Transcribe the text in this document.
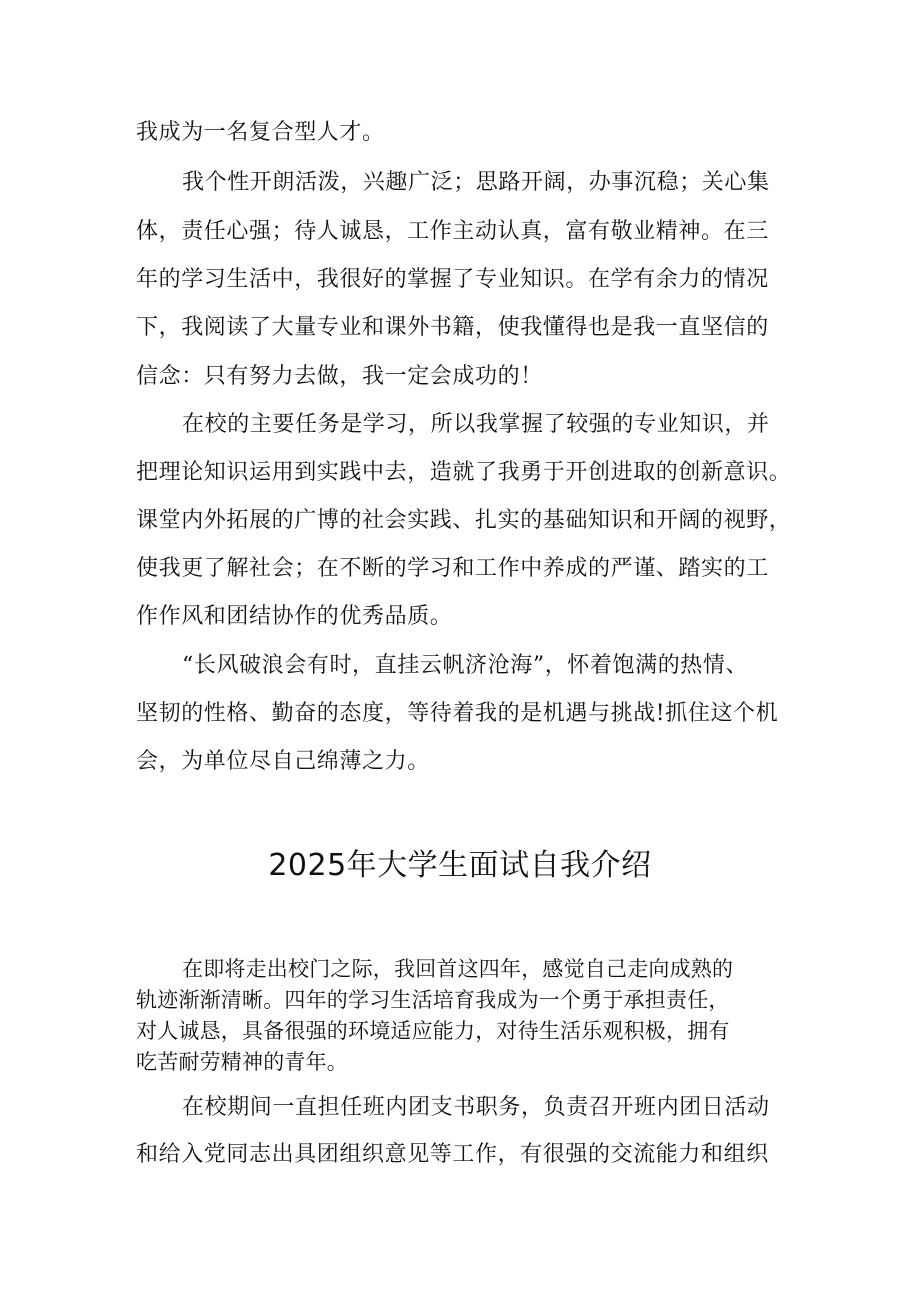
我成为一名复合型人才。
我个性开朗活泼，兴趣广泛；思路开阔，办事沉稳；关心集
体，责任心强；待人诚恳，工作主动认真，富有敬业精神。在三
年的学习生活中，我很好的掌握了专业知识。在学有余力的情况
下，我阅读了大量专业和课外书籍，使我懂得也是我一直坚信的
信念：只有努力去做，我一定会成功的！
在校的主要任务是学习，所以我掌握了较强的专业知识，并
把理论知识运用到实践中去，造就了我勇于开创进取的创新意识。
课堂内外拓展的广博的社会实践、扎实的基础知识和开阔的视野，
使我更了解社会；在不断的学习和工作中养成的严谨、踏实的工
作作风和团结协作的优秀品质。
“长风破浪会有时，直挂云帆济沧海”，怀着饱满的热情、
坚韧的性格、勤奋的态度，等待着我的是机遇与挑战!抓住这个机
会，为单位尽自己绵薄之力。
2025年大学生面试自我介绍
在即将走出校门之际，我回首这四年，感觉自己走向成熟的
轨迹渐渐清晰。四年的学习生活培育我成为一个勇于承担责任，
对人诚恳，具备很强的环境适应能力，对待生活乐观积极，拥有
吃苦耐劳精神的青年。
在校期间一直担任班内团支书职务，负责召开班内团日活动
和给入党同志出具团组织意见等工作，有很强的交流能力和组织
